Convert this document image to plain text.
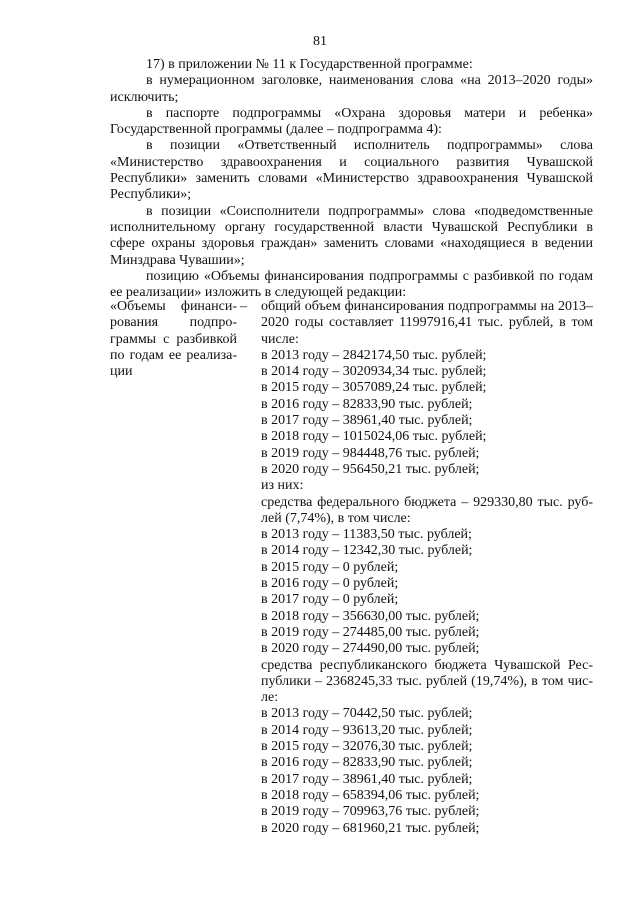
81

17) в приложении № 11 к Государственной программе:

в нумерационном заголовке, наименования слова «на 2013–2020 годы» исключить;

в паспорте подпрограммы «Охрана здоровья матери и ребенка» Государственной программы (далее – подпрограмма 4):

в позиции «Ответственный исполнитель подпрограммы» слова «Министерство здравоохранения и социального развития Чувашской Республики» заменить словами «Министерство здравоохранения Чувашской Республики»;

в позиции «Соисполнители подпрограммы» слова «подведомственные исполнительному органу государственной власти Чувашской Республики в сфере охраны здоровья граждан» заменить словами «находящиеся в ведении Минздрава Чувашии»;

позицию «Объемы финансирования подпрограммы с разбивкой по годам ее реализации» изложить в следующей редакции:

«Объемы финанси-
рования подпро-
граммы с разбивкой
по годам ее реализа-
ции
– общий объем финансирования подпрограммы на 2013–
2020 годы составляет 11997916,41 тыс. рублей, в том
числе:
в 2013 году – 2842174,50 тыс. рублей;
в 2014 году – 3020934,34 тыс. рублей;
в 2015 году – 3057089,24 тыс. рублей;
в 2016 году – 82833,90 тыс. рублей;
в 2017 году – 38961,40 тыс. рублей;
в 2018 году – 1015024,06 тыс. рублей;
в 2019 году – 984448,76 тыс. рублей;
в 2020 году – 956450,21 тыс. рублей;
из них:
средства федерального бюджета – 929330,80 тыс. руб-
лей (7,74%), в том числе:
в 2013 году – 11383,50 тыс. рублей;
в 2014 году – 12342,30 тыс. рублей;
в 2015 году – 0 рублей;
в 2016 году – 0 рублей;
в 2017 году – 0 рублей;
в 2018 году – 356630,00 тыс. рублей;
в 2019 году – 274485,00 тыс. рублей;
в 2020 году – 274490,00 тыс. рублей;
средства республиканского бюджета Чувашской Рес-
публики – 2368245,33 тыс. рублей (19,74%), в том чис-
ле:
в 2013 году – 70442,50 тыс. рублей;
в 2014 году – 93613,20 тыс. рублей;
в 2015 году – 32076,30 тыс. рублей;
в 2016 году – 82833,90 тыс. рублей;
в 2017 году – 38961,40 тыс. рублей;
в 2018 году – 658394,06 тыс. рублей;
в 2019 году – 709963,76 тыс. рублей;
в 2020 году – 681960,21 тыс. рублей;
